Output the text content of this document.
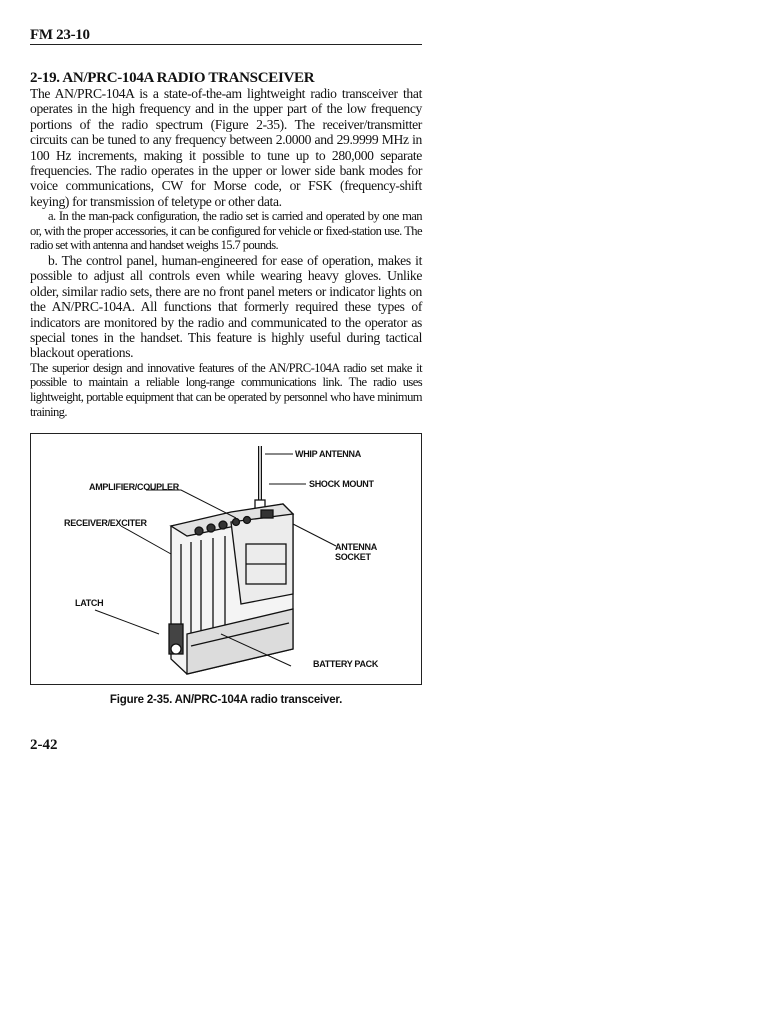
FM 23-10
2-19. AN/PRC-104A RADIO TRANSCEIVER

The AN/PRC-104A is a state-of-the-am lightweight radio transceiver that operates in the high frequency and in the upper part of the low frequency portions of the radio spectrum (Figure 2-35). The receiver/transmitter circuits can be tuned to any frequency between 2.0000 and 29.9999 MHz in 100 Hz increments, making it possible to tune up to 280,000 separate frequencies. The radio operates in the upper or lower side bank modes for voice communications, CW for Morse code, or FSK (frequency-shift keying) for transmission of teletype or other data.

a. In the man-pack configuration, the radio set is carried and operated by one man or, with the proper accessories, it can be configured for vehicle or fixed-station use. The radio set with antenna and handset weighs 15.7 pounds.

b. The control panel, human-engineered for ease of operation, makes it possible to adjust all controls even while wearing heavy gloves. Unlike older, similar radio sets, there are no front panel meters or indicator lights on the AN/PRC-104A. All functions that formerly required these types of indicators are monitored by the radio and communicated to the operator as special tones in the handset. This feature is highly useful during tactical blackout operations.

The superior design and innovative features of the AN/PRC-104A radio set make it possible to maintain a reliable long-range communications link. The radio uses lightweight, portable equipment that can be operated by personnel who have minimum training.

WHIP ANTENNA
AMPLIFIER/COUPLER	SHOCK MOUNT
RECEIVER/EXCITER
ANTENNA
SOCKET
LATCH
BATTERY PACK
Figure 2-35. AN/PRC-104A radio transceiver.
2-42
